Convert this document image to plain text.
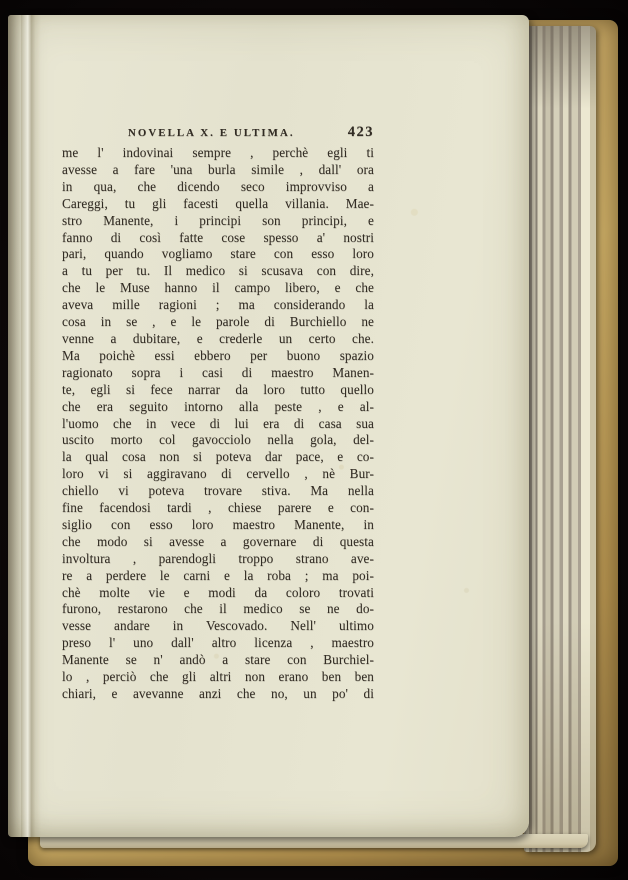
NOVELLA X. E ULTIMA.	423
me l' indovinai sempre , perchè egli ti
avesse a fare 'una burla simile , dall' ora
in qua, che dicendo seco improvviso a
Careggi, tu gli facesti quella villania. Mae-
stro Manente, i principi son principi, e
fanno di così fatte cose spesso a' nostri
pari, quando vogliamo stare con esso loro
a tu per tu. Il medico si scusava con dire,
che le Muse hanno il campo libero, e che
aveva mille ragioni ; ma considerando la
cosa in se , e le parole di Burchiello ne
venne a dubitare, e crederle un certo che.
Ma poichè essi ebbero per buono spazio
ragionato sopra i casi di maestro Manen-
te, egli si fece narrar da loro tutto quello
che era seguito intorno alla peste , e al-
l'uomo che in vece di lui era di casa sua
uscito morto col gavocciolo nella gola, del-
la qual cosa non si poteva dar pace, e co-
loro vi si aggiravano di cervello , nè Bur-
chiello vi poteva trovare stiva. Ma nella
fine facendosi tardi , chiese parere e con-
siglio con esso loro maestro Manente, in
che modo si avesse a governare di questa
involtura , parendogli troppo strano ave-
re a perdere le carni e la roba ; ma poi-
chè molte vie e modi da coloro trovati
furono, restarono che il medico se ne do-
vesse andare in Vescovado. Nell' ultimo
preso l' uno dall' altro licenza , maestro
Manente se n' andò a stare con Burchiel-
lo , perciò che gli altri non erano ben ben
chiari, e avevanne anzi che no, un po' di
